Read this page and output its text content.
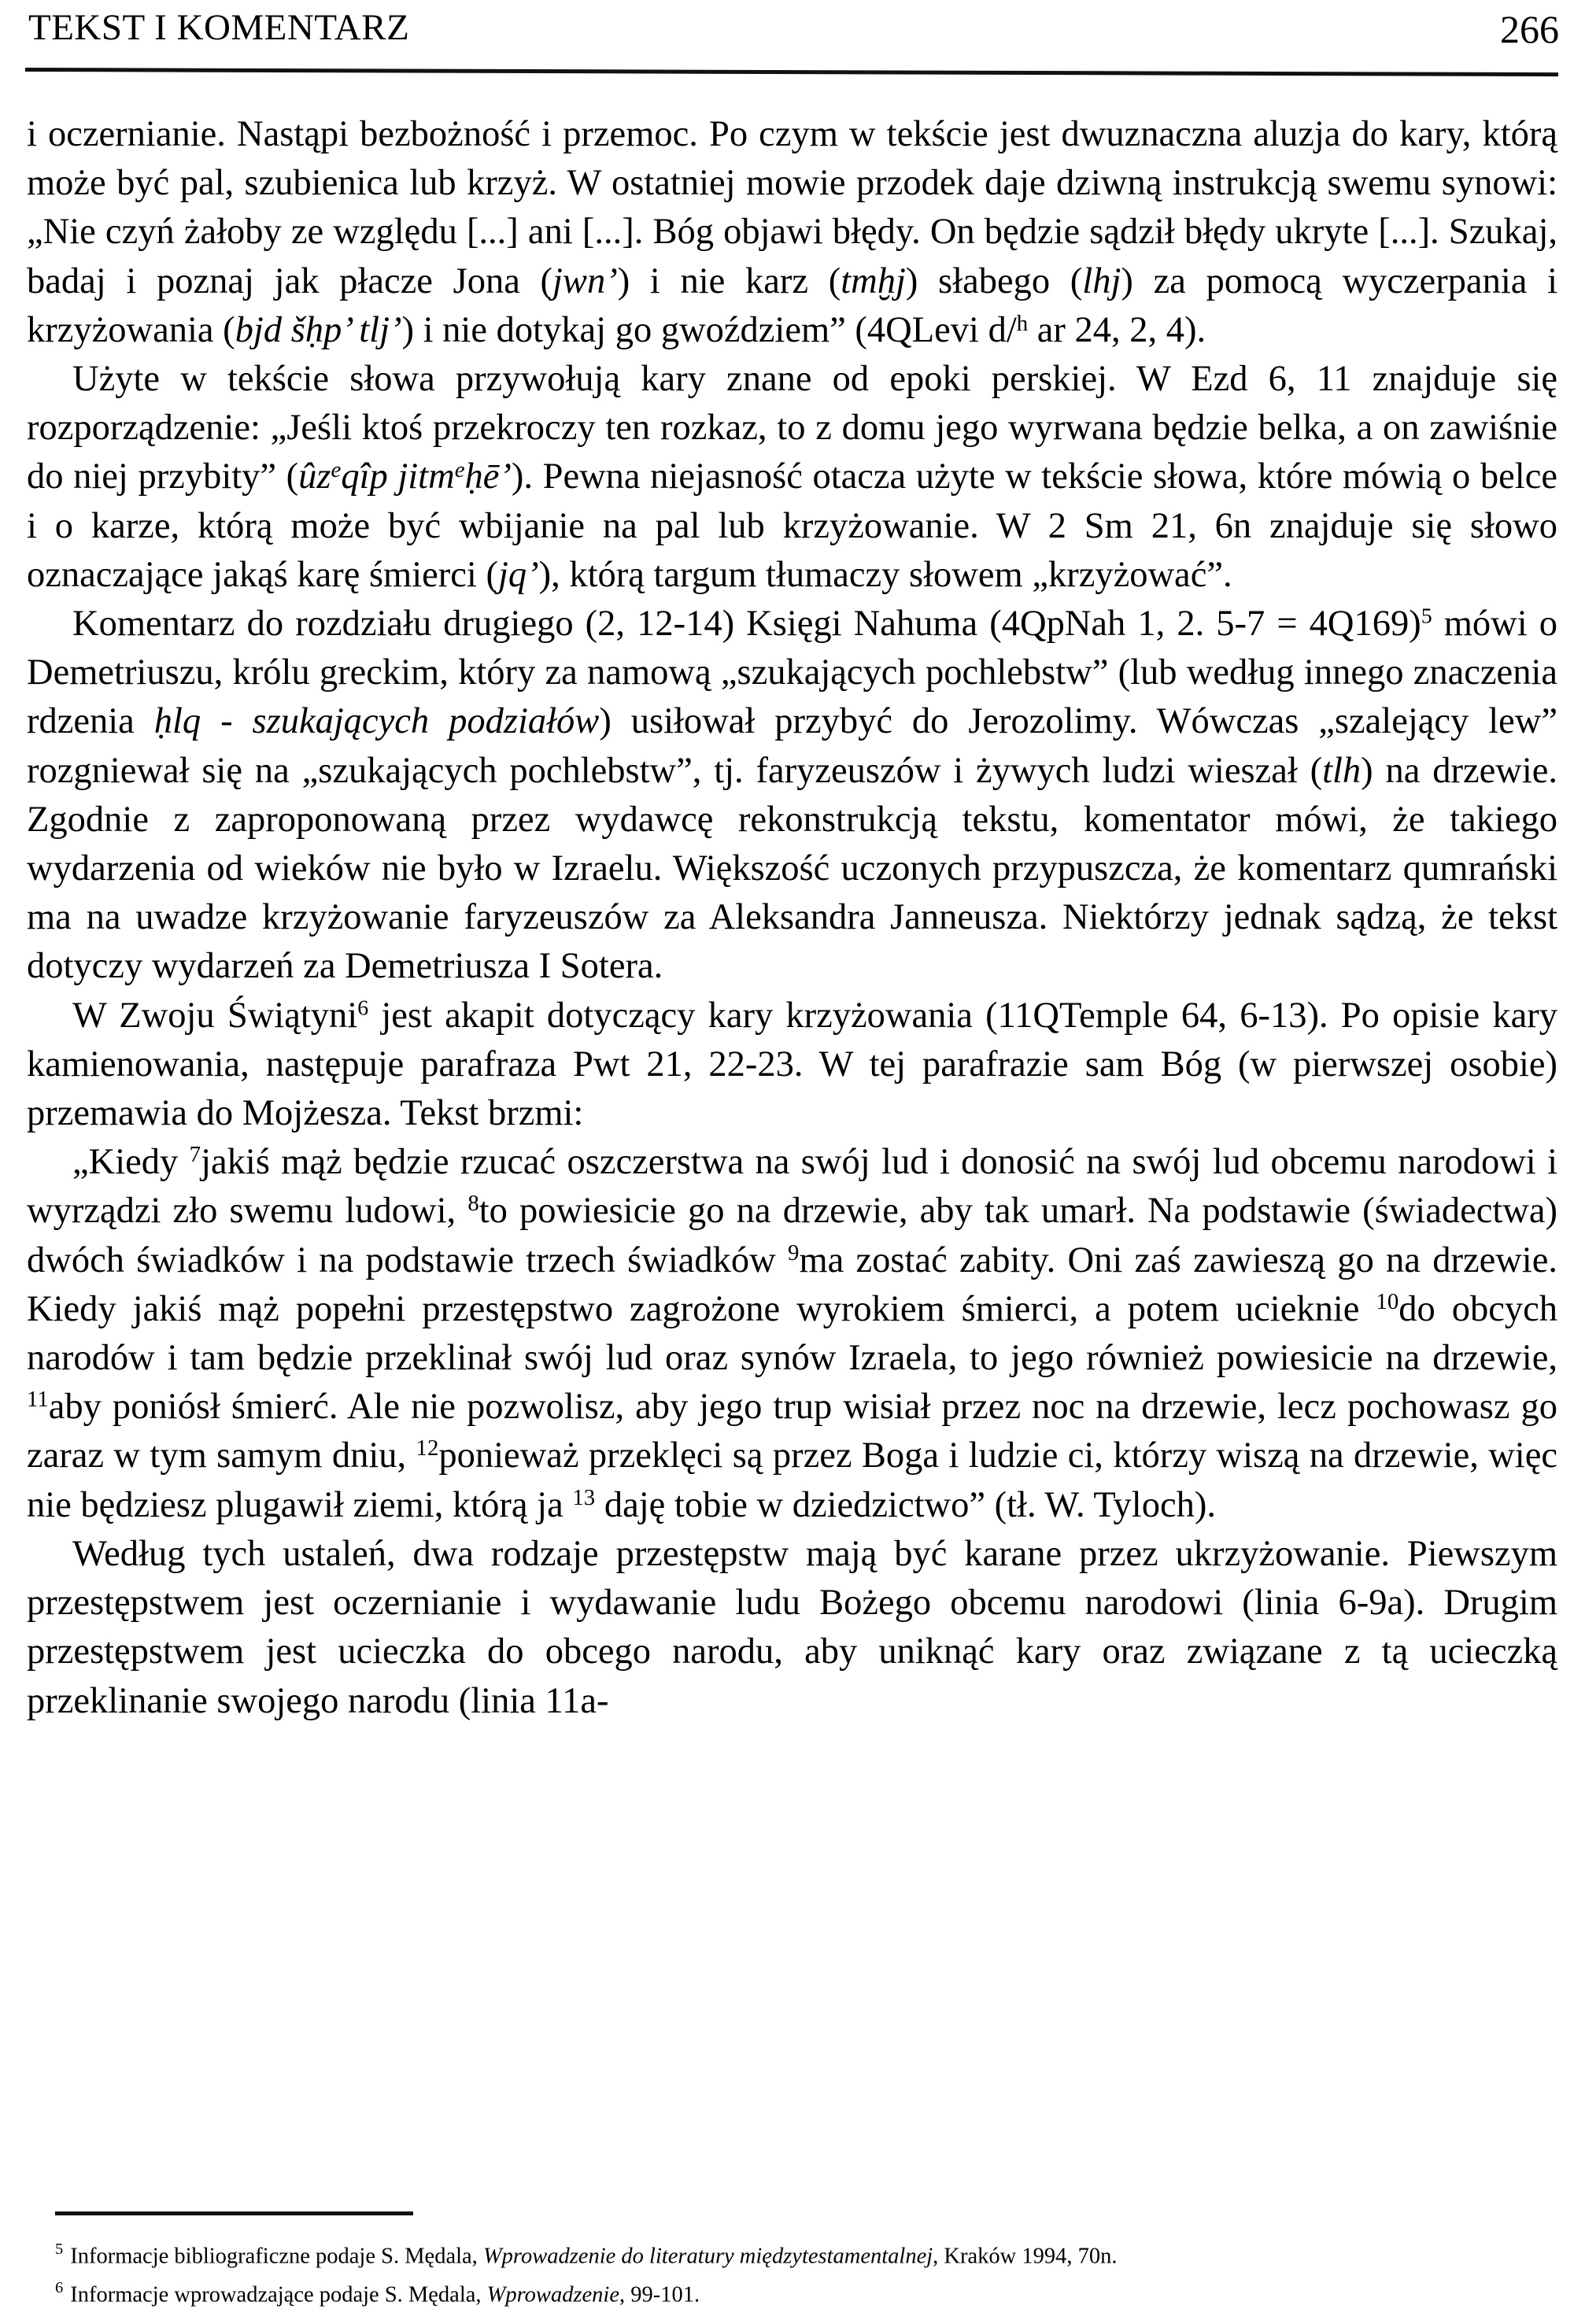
TEKST I KOMENTARZ	266

i oczernianie. Nastąpi bezbożność i przemoc. Po czym w tekście jest dwuznaczna aluzja do kary, którą może być pal, szubienica lub krzyż. W ostatniej mowie przodek daje dziwną instrukcją swemu synowi: „Nie czyń żałoby ze względu [...] ani [...]. Bóg objawi błędy. On będzie sądził błędy ukryte [...]. Szukaj, badaj i poznaj jak płacze Jona (jwn’) i nie karz (tmḫj) słabego (lhj) za pomocą wyczerpania i krzyżowania (bjd šḥp’ tlj’) i nie dotykaj go gwoździem” (4QLevi d/$^h$ ar 24, 2, 4).

Użyte w tekście słowa przywołują kary znane od epoki perskiej. W Ezd 6, 11 znajduje się rozporządzenie: „Jeśli ktoś przekroczy ten rozkaz, to z domu jego wyrwana będzie belka, a on zawiśnie do niej przybity” ($ûz^eqîp$ jitm$^e$ḥē’). Pewna niejasność otacza użyte w tekście słowa, które mówią o belce i o karze, którą może być wbijanie na pal lub krzyżowanie. W 2 Sm 21, 6n znajduje się słowo oznaczające jakąś karę śmierci (jq’), którą targum tłumaczy słowem „krzyżować”.

Komentarz do rozdziału drugiego (2, 12-14) Księgi Nahuma (4QpNah 1, 2. 5-7 = 4Q169)$^5$ mówi o Demetriuszu, królu greckim, który za namową „szukających pochlebstw” (lub według innego znaczenia rdzenia ḥlq - szukających podziałów) usiłował przybyć do Jerozolimy. Wówczas „szalejący lew” rozgniewał się na „szukających pochlebstw”, tj. faryzeuszów i żywych ludzi wieszał (tlh) na drzewie. Zgodnie z zaproponowaną przez wydawcę rekonstrukcją tekstu, komentator mówi, że takiego wydarzenia od wieków nie było w Izraelu. Większość uczonych przypuszcza, że komentarz qumrański ma na uwadze krzyżowanie faryzeuszów za Aleksandra Janneusza. Niektórzy jednak sądzą, że tekst dotyczy wydarzeń za Demetriusza I Sotera.

W Zwoju Świątyni$^6$ jest akapit dotyczący kary krzyżowania (11QTemple 64, 6-13). Po opisie kary kamienowania, następuje parafraza Pwt 21, 22-23. W tej parafrazie sam Bóg (w pierwszej osobie) przemawia do Mojżesza. Tekst brzmi:

„Kiedy $^7$jakiś mąż będzie rzucać oszczerstwa na swój lud i donosić na swój lud obcemu narodowi i wyrządzi zło swemu ludowi, $^8$to powiesicie go na drzewie, aby tak umarł. Na podstawie (świadectwa) dwóch świadków i na podstawie trzech świadków $^9$ma zostać zabity. Oni zaś zawieszą go na drzewie. Kiedy jakiś mąż popełni przestępstwo zagrożone wyrokiem śmierci, a potem ucieknie $^{10}$do obcych narodów i tam będzie przeklinał swój lud oraz synów Izraela, to jego również powiesicie na drzewie, $^{11}$aby poniósł śmierć. Ale nie pozwolisz, aby jego trup wisiał przez noc na drzewie, lecz pochowasz go zaraz w tym samym dniu, $^{12}$ponieważ przeklęci są przez Boga i ludzie ci, którzy wiszą na drzewie, więc nie będziesz plugawił ziemi, którą ja $^{13}$ daję tobie w dziedzictwo” (tł. W. Tyloch).

Według tych ustaleń, dwa rodzaje przestępstw mają być karane przez ukrzyżowanie. Piewszym przestępstwem jest oczernianie i wydawanie ludu Bożego obcemu narodowi (linia 6-9a). Drugim przestępstwem jest ucieczka do obcego narodu, aby uniknąć kary oraz związane z tą ucieczką przeklinanie swojego narodu (linia 11a-

$^5$ Informacje bibliograficzne podaje S. Mędala, Wprowadzenie do literatury międzytestamentalnej, Kraków 1994, 70n.
$^6$ Informacje wprowadzające podaje S. Mędala, Wprowadzenie, 99-101.
